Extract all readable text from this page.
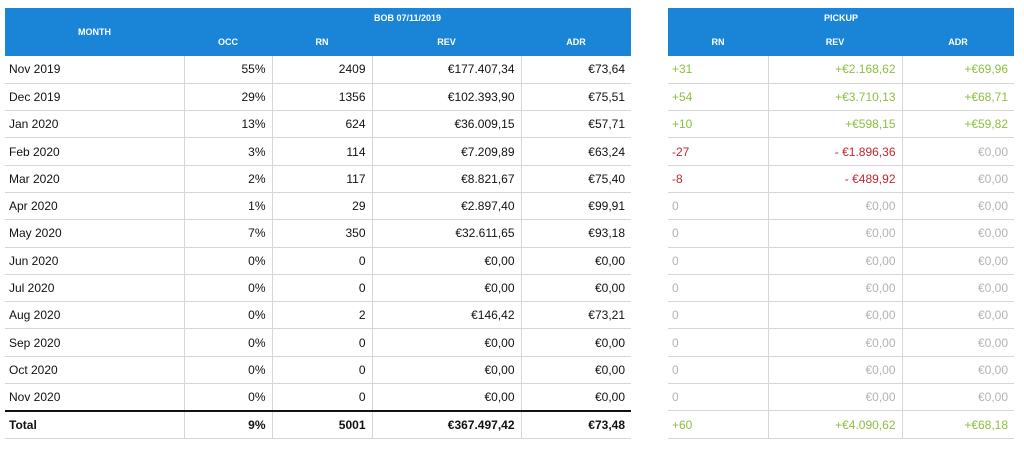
MONTH	BOB 07/11/2019			
	OCC	RN	REV	ADR
Nov 2019	55%	2409	€177.407,34	€73,64
Dec 2019	29%	1356	€102.393,90	€75,51
Jan 2020	13%	624	€36.009,15	€57,71
Feb 2020	3%	114	€7.209,89	€63,24
Mar 2020	2%	117	€8.821,67	€75,40
Apr 2020	1%	29	€2.897,40	€99,91
May 2020	7%	350	€32.611,65	€93,18
Jun 2020	0%	0	€0,00	€0,00
Jul 2020	0%	0	€0,00	€0,00
Aug 2020	0%	2	€146,42	€73,21
Sep 2020	0%	0	€0,00	€0,00
Oct 2020	0%	0	€0,00	€0,00
Nov 2020	0%	0	€0,00	€0,00
Total	9%	5001	€367.497,42	€73,48
PICKUP		
RN	REV	ADR
+31	+€2.168,62	+€69,96
+54	+€3.710,13	+€68,71
+10	+€598,15	+€59,82
-27	- €1.896,36	€0,00
-8	- €489,92	€0,00
0	€0,00	€0,00
0	€0,00	€0,00
0	€0,00	€0,00
0	€0,00	€0,00
0	€0,00	€0,00
0	€0,00	€0,00
0	€0,00	€0,00
0	€0,00	€0,00
+60	+€4.090,62	+€68,18
